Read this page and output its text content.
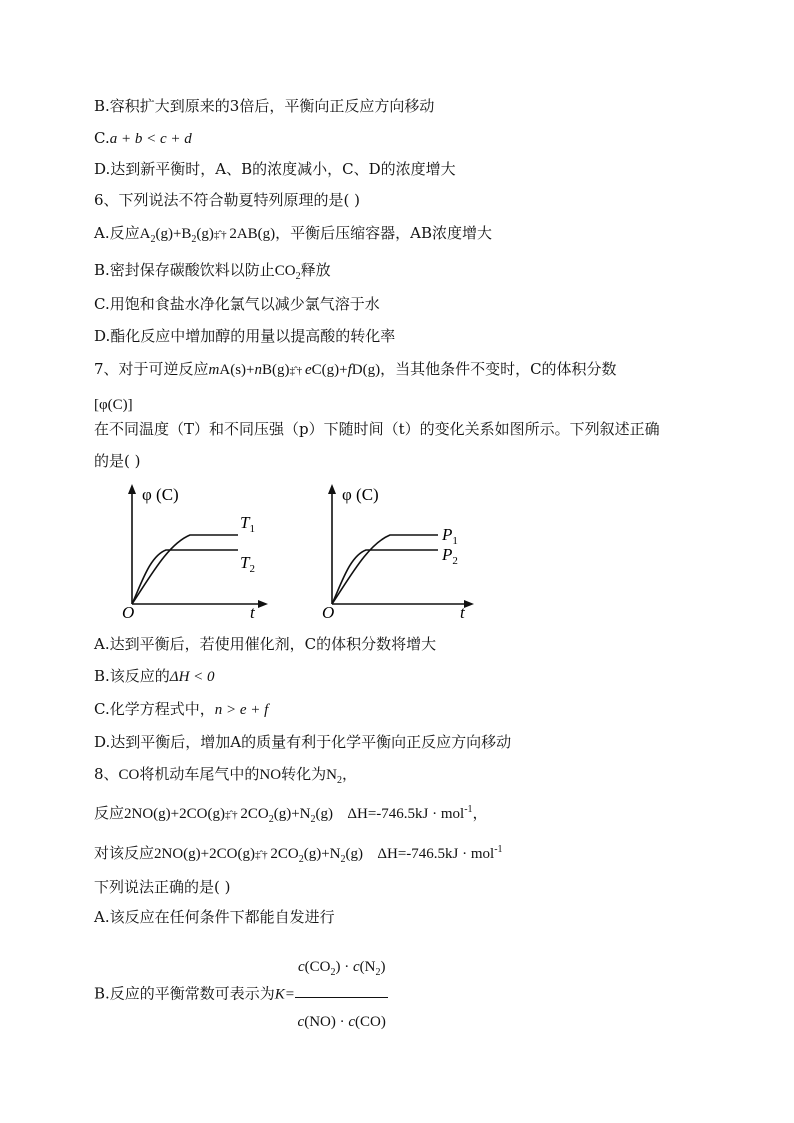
B.容积扩大到原来的3倍后，平衡向正反应方向移动
C.a + b < c + d
D.达到新平衡时，A、B的浓度减小，C、D的浓度增大
6、下列说法不符合勒夏特列原理的是( )
A.反应$A_2(g)+B_2(g)\ddagger ˆ\dagger$ 2AB(g)，平衡后压缩容器，AB浓度增大
B.密封保存碳酸饮料以防止$CO_2$释放
C.用饱和食盐水净化氯气以减少氯气溶于水
D.酯化反应中增加醇的用量以提高酸的转化率
7、对于可逆反应mA(s)+nB(g)‡ˆ† eC(g)+fD(g)，当其他条件不变时，C的体积分数
[φ(C)]
在不同温度（T）和不同压强（p）下随时间（t）的变化关系如图所示。下列叙述正确
的是( )
φ (C)
O	t
$T_1$
$T_2$
φ (C)
O	t
$P_1$
$P_2$
A.达到平衡后，若使用催化剂，C的体积分数将增大
B.该反应的ΔH < 0
C.化学方程式中，n > e + f
D.达到平衡后，增加A的质量有利于化学平衡向正反应方向移动
8、CO将机动车尾气中的NO转化为$N_2$，
反应2NO(g)+2CO(g)‡ˆ† $2CO_2(g)+N_2(g) \Delta H=-746.5kJ \cdot mol^{-1}$，
对该反应2NO(g)+2CO(g)‡ˆ† $2CO_2(g)+N_2(g) \Delta H=-746.5kJ \cdot mol^{-1}$
下列说法正确的是( )
A.该反应在任何条件下都能自发进行
B.反应的平衡常数可表示为$K= \frac{c(CO_2) \cdot c(N_2)}{c(NO) \cdot c(CO)}$
